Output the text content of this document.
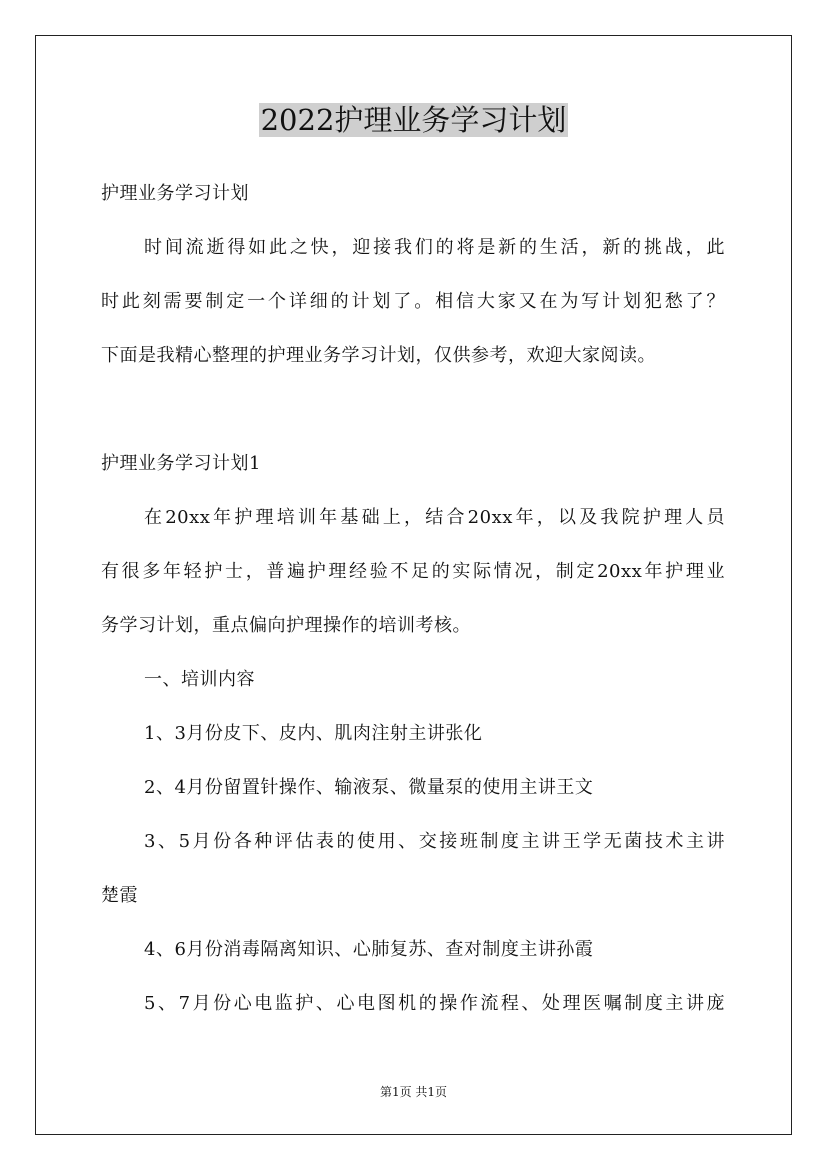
2022护理业务学习计划
护理业务学习计划
时间流逝得如此之快，迎接我们的将是新的生活，新的挑战，此
时此刻需要制定一个详细的计划了。相信大家又在为写计划犯愁了？
下面是我精心整理的护理业务学习计划，仅供参考，欢迎大家阅读。
护理业务学习计划1
在20xx年护理培训年基础上，结合20xx年，以及我院护理人员
有很多年轻护士，普遍护理经验不足的实际情况，制定20xx年护理业
务学习计划，重点偏向护理操作的培训考核。
一、培训内容
1、3月份皮下、皮内、肌肉注射主讲张化
2、4月份留置针操作、输液泵、微量泵的使用主讲王文
3、5月份各种评估表的使用、交接班制度主讲王学无菌技术主讲
楚霞
4、6月份消毒隔离知识、心肺复苏、查对制度主讲孙霞
5、7月份心电监护、心电图机的操作流程、处理医嘱制度主讲庞
第1页 共1页
